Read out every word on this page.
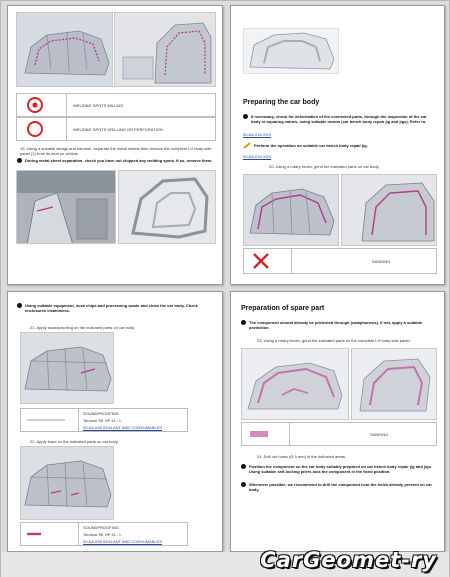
WELDING SPOTS MILLING
WELDING SPOTS DRILLING OR PERFORATION
19. Using a suitable wedge and hammer, separate the metal sheets then remove the complete LH body side panel (1) from its seat on vehicle.
During metal sheet separation, check you have not chipped any welding spots. If so, remove them.
Preparing the car body
If necessary, check for deformation of the connected parts, through the inspection of the car body re-squaring values, using suitable means (car bench body repair jig and jigs). Refer to:
00.AA.016-XXX
Perform the operation on suitable car bench body repair jig.
00.AA.016-XXX
20. Using a rotary brush, grind the indicated parts on car body.
SANDING
Using suitable equipment, suck chips and processing waste and clean the car body. Check enclosures cleanliness.
21. Apply soundproofing on the indicated parts on car body.
SOUNDPROOFING
Teroson SE HP 41 - L
00.AA.098 SEALANT AND CONSUMABLES
22. Apply foam on the indicated parts on car body.
SOUNDPROOFING
Teroson SE HP 41 - L
00.AA.098 SEALANT AND CONSUMABLES
Preparation of spare part
The component should already be protected through (cataphoresis). If not, apply a suitable protection.
23. Using a rotary brush, grind the indicated parts on the complete LH body side panel.
SANDING
24. Drill out holes (Ø 5 mm) in the indicated areas.
Position the component on the car body suitably prepared on car bench body repair jig and jigs. Using suitable self-locking pliers lock the component in the fixed position.
Whenever possible, we recommend to drill the component near the holes already present on car body.
CarGeomet-ry
